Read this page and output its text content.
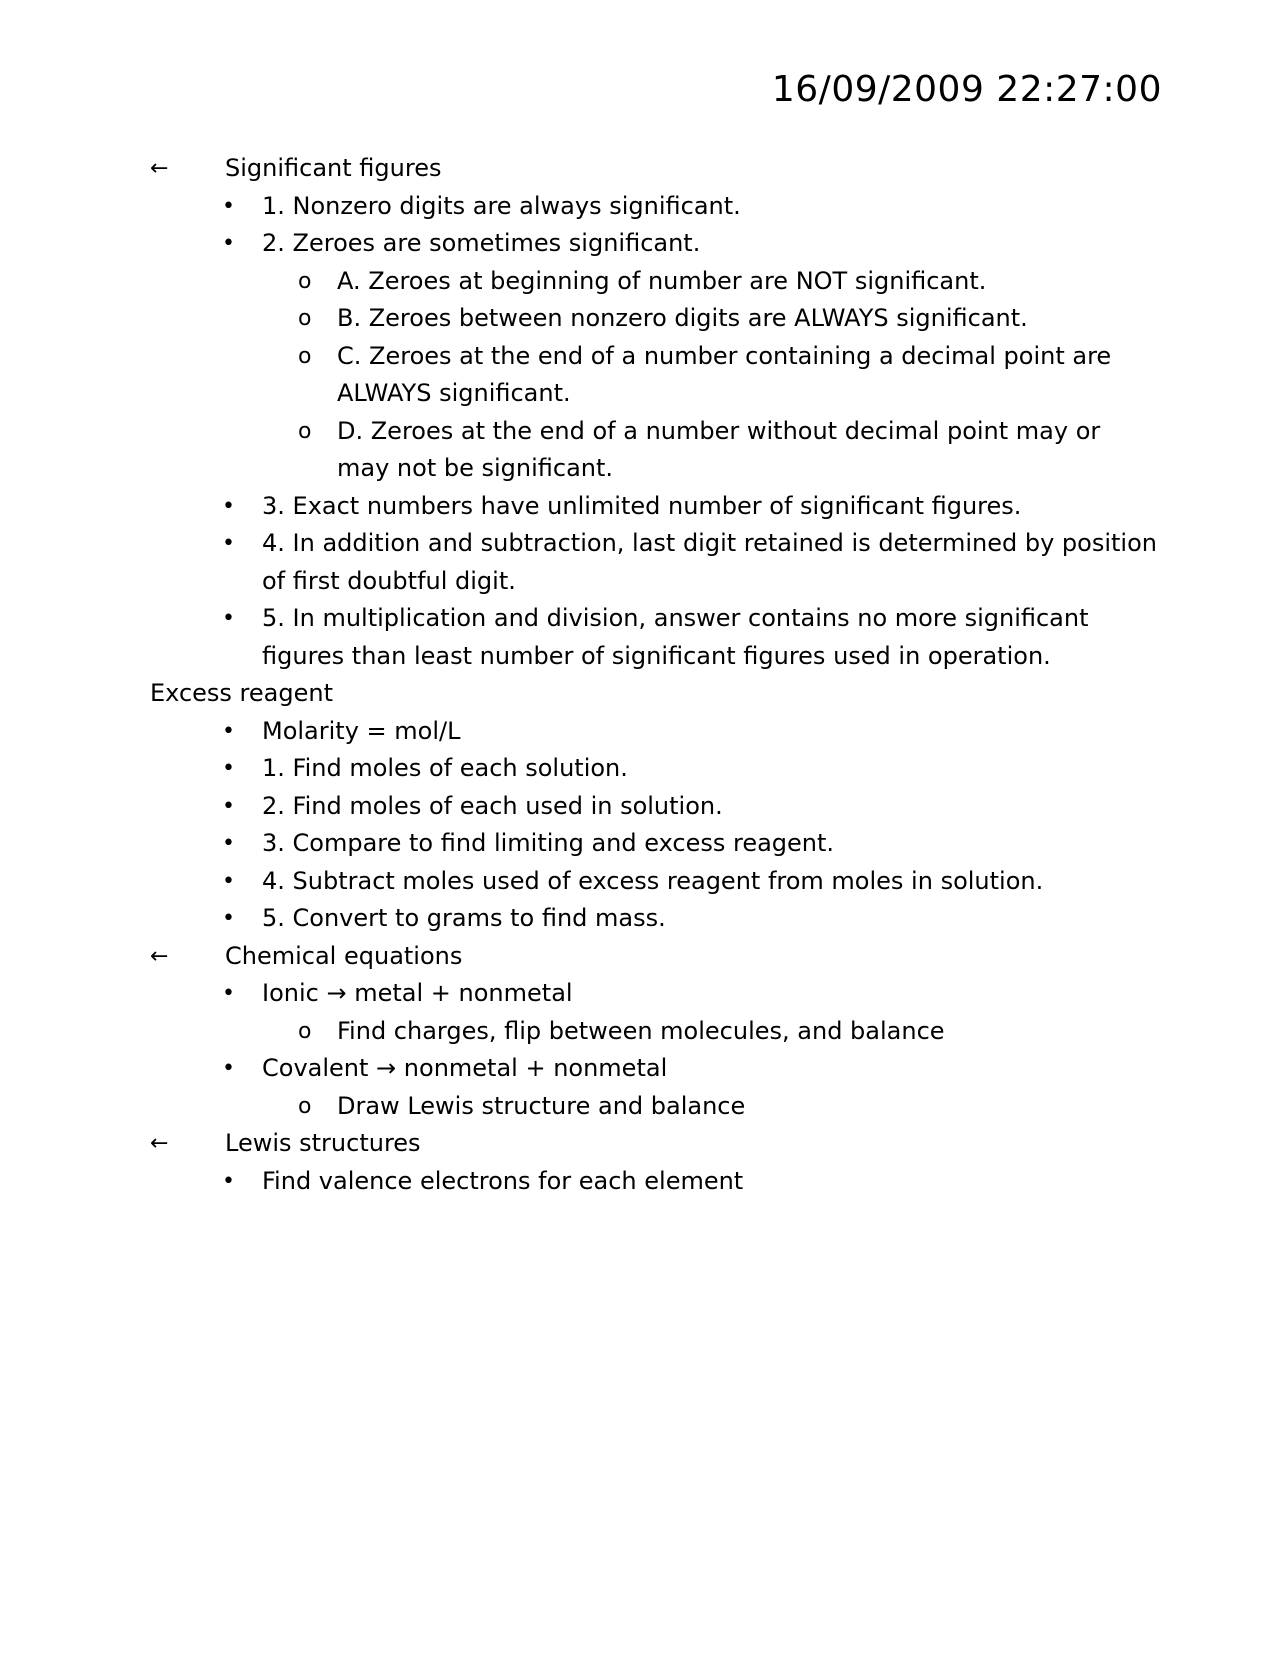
16/09/2009 22:27:00
← Significant figures
• 1. Nonzero digits are always significant.
• 2. Zeroes are sometimes significant.
o A. Zeroes at beginning of number are NOT significant.
o B. Zeroes between nonzero digits are ALWAYS significant.
o C. Zeroes at the end of a number containing a decimal point are ALWAYS significant.
o D. Zeroes at the end of a number without decimal point may or may not be significant.
• 3. Exact numbers have unlimited number of significant figures.
• 4. In addition and subtraction, last digit retained is determined by position of first doubtful digit.
• 5. In multiplication and division, answer contains no more significant figures than least number of significant figures used in operation.
Excess reagent
• Molarity = mol/L
• 1. Find moles of each solution.
• 2. Find moles of each used in solution.
• 3. Compare to find limiting and excess reagent.
• 4. Subtract moles used of excess reagent from moles in solution.
• 5. Convert to grams to find mass.
← Chemical equations
• Ionic → metal + nonmetal
o Find charges, flip between molecules, and balance
• Covalent → nonmetal + nonmetal
o Draw Lewis structure and balance
← Lewis structures
• Find valence electrons for each element
